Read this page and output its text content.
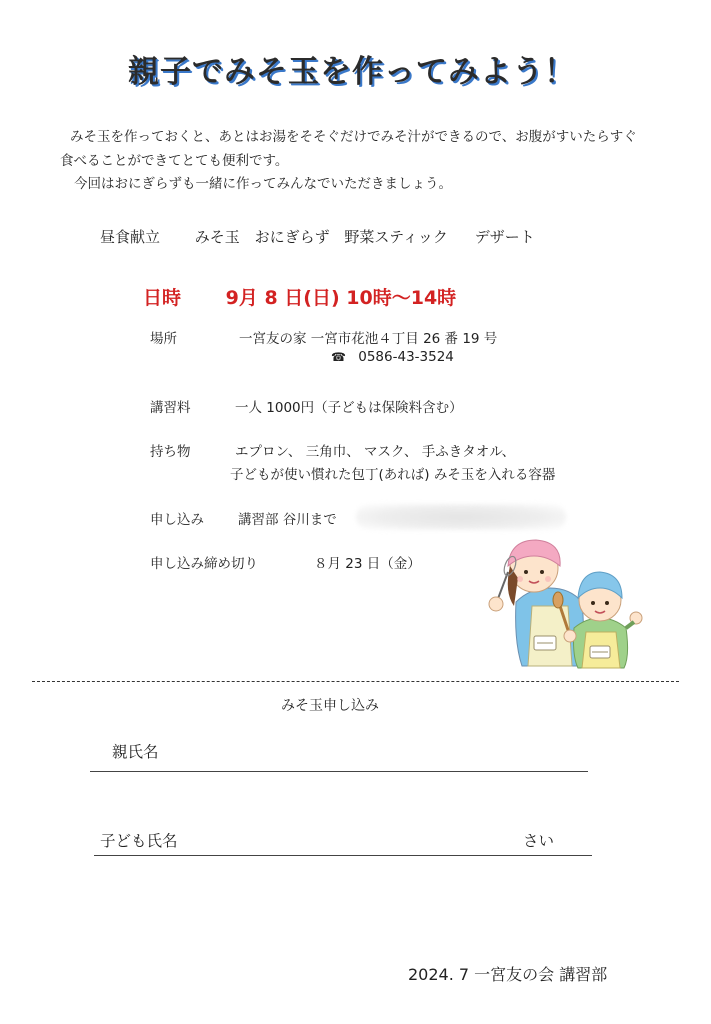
親子でみそ玉を作ってみよう！
みそ玉を作っておくと、あとはお湯をそそぐだけでみそ汁ができるので、お腹がすいたらすぐ
食べることができてとても便利です。
今回はおにぎらずも一緒に作ってみんなでいただきましょう。
昼食献立 みそ玉 おにぎらず 野菜スティック デザート
日時 9月 8 日(日) 10時～14時
場所	一宮友の家 一宮市花池４丁目 26 番 19 号
☎ 0586-43-3524
講習料	一人 1000円（子どもは保険料含む）
持ち物	エプロン、 三角巾、 マスク、 手ふきタオル、
子どもが使い慣れた包丁(あれば) みそ玉を入れる容器
申し込み	講習部 谷川まで
申し込み締め切り	８月 23 日（金）
みそ玉申し込み
親氏名
子ども氏名	さい
2024. 7 一宮友の会 講習部
